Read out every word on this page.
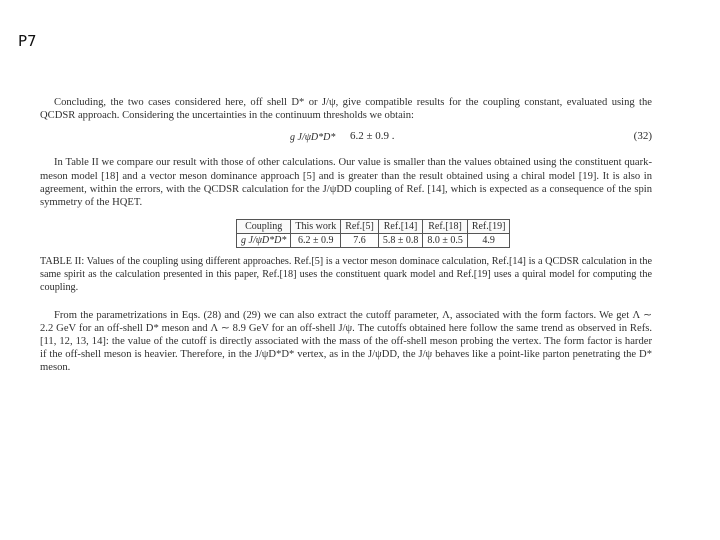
P7

Concluding, the two cases considered here, off shell D* or J/ψ, give compatible results for the coupling constant, evaluated using the QCDSR approach. Considering the uncertainties in the continuum thresholds we obtain:

g J/ψD*D* 6.2 ± 0.9 .	(32)

In Table II we compare our result with those of other calculations. Our value is smaller than the values obtained using the constituent quark-meson model [18] and a vector meson dominance approach [5] and is greater than the result obtained using a chiral model [19]. It is also in agreement, within the errors, with the QCDSR calculation for the J/ψDD coupling of Ref. [14], which is expected as a consequence of the spin symmetry of the HQET.

Coupling	This work	Ref.[5]	Ref.[14]	Ref.[18]	Ref.[19]
g J/ψD*D*	6.2 ± 0.9	7.6	5.8 ± 0.8	8.0 ± 0.5	4.9

TABLE II: Values of the coupling using different approaches. Ref.[5] is a vector meson dominace calculation, Ref.[14] is a QCDSR calculation in the same spirit as the calculation presented in this paper, Ref.[18] uses the constituent quark model and Ref.[19] uses a quiral model for computing the coupling.

From the parametrizations in Eqs. (28) and (29) we can also extract the cutoff parameter, Λ, associated with the form factors. We get Λ ∼ 2.2 GeV for an off-shell D* meson and Λ ∼ 8.9 GeV for an off-shell J/ψ. The cutoffs obtained here follow the same trend as observed in Refs. [11, 12, 13, 14]: the value of the cutoff is directly associated with the mass of the off-shell meson probing the vertex. The form factor is harder if the off-shell meson is heavier. Therefore, in the J/ψD*D* vertex, as in the J/ψDD, the J/ψ behaves like a point-like parton penetrating the D* meson.
